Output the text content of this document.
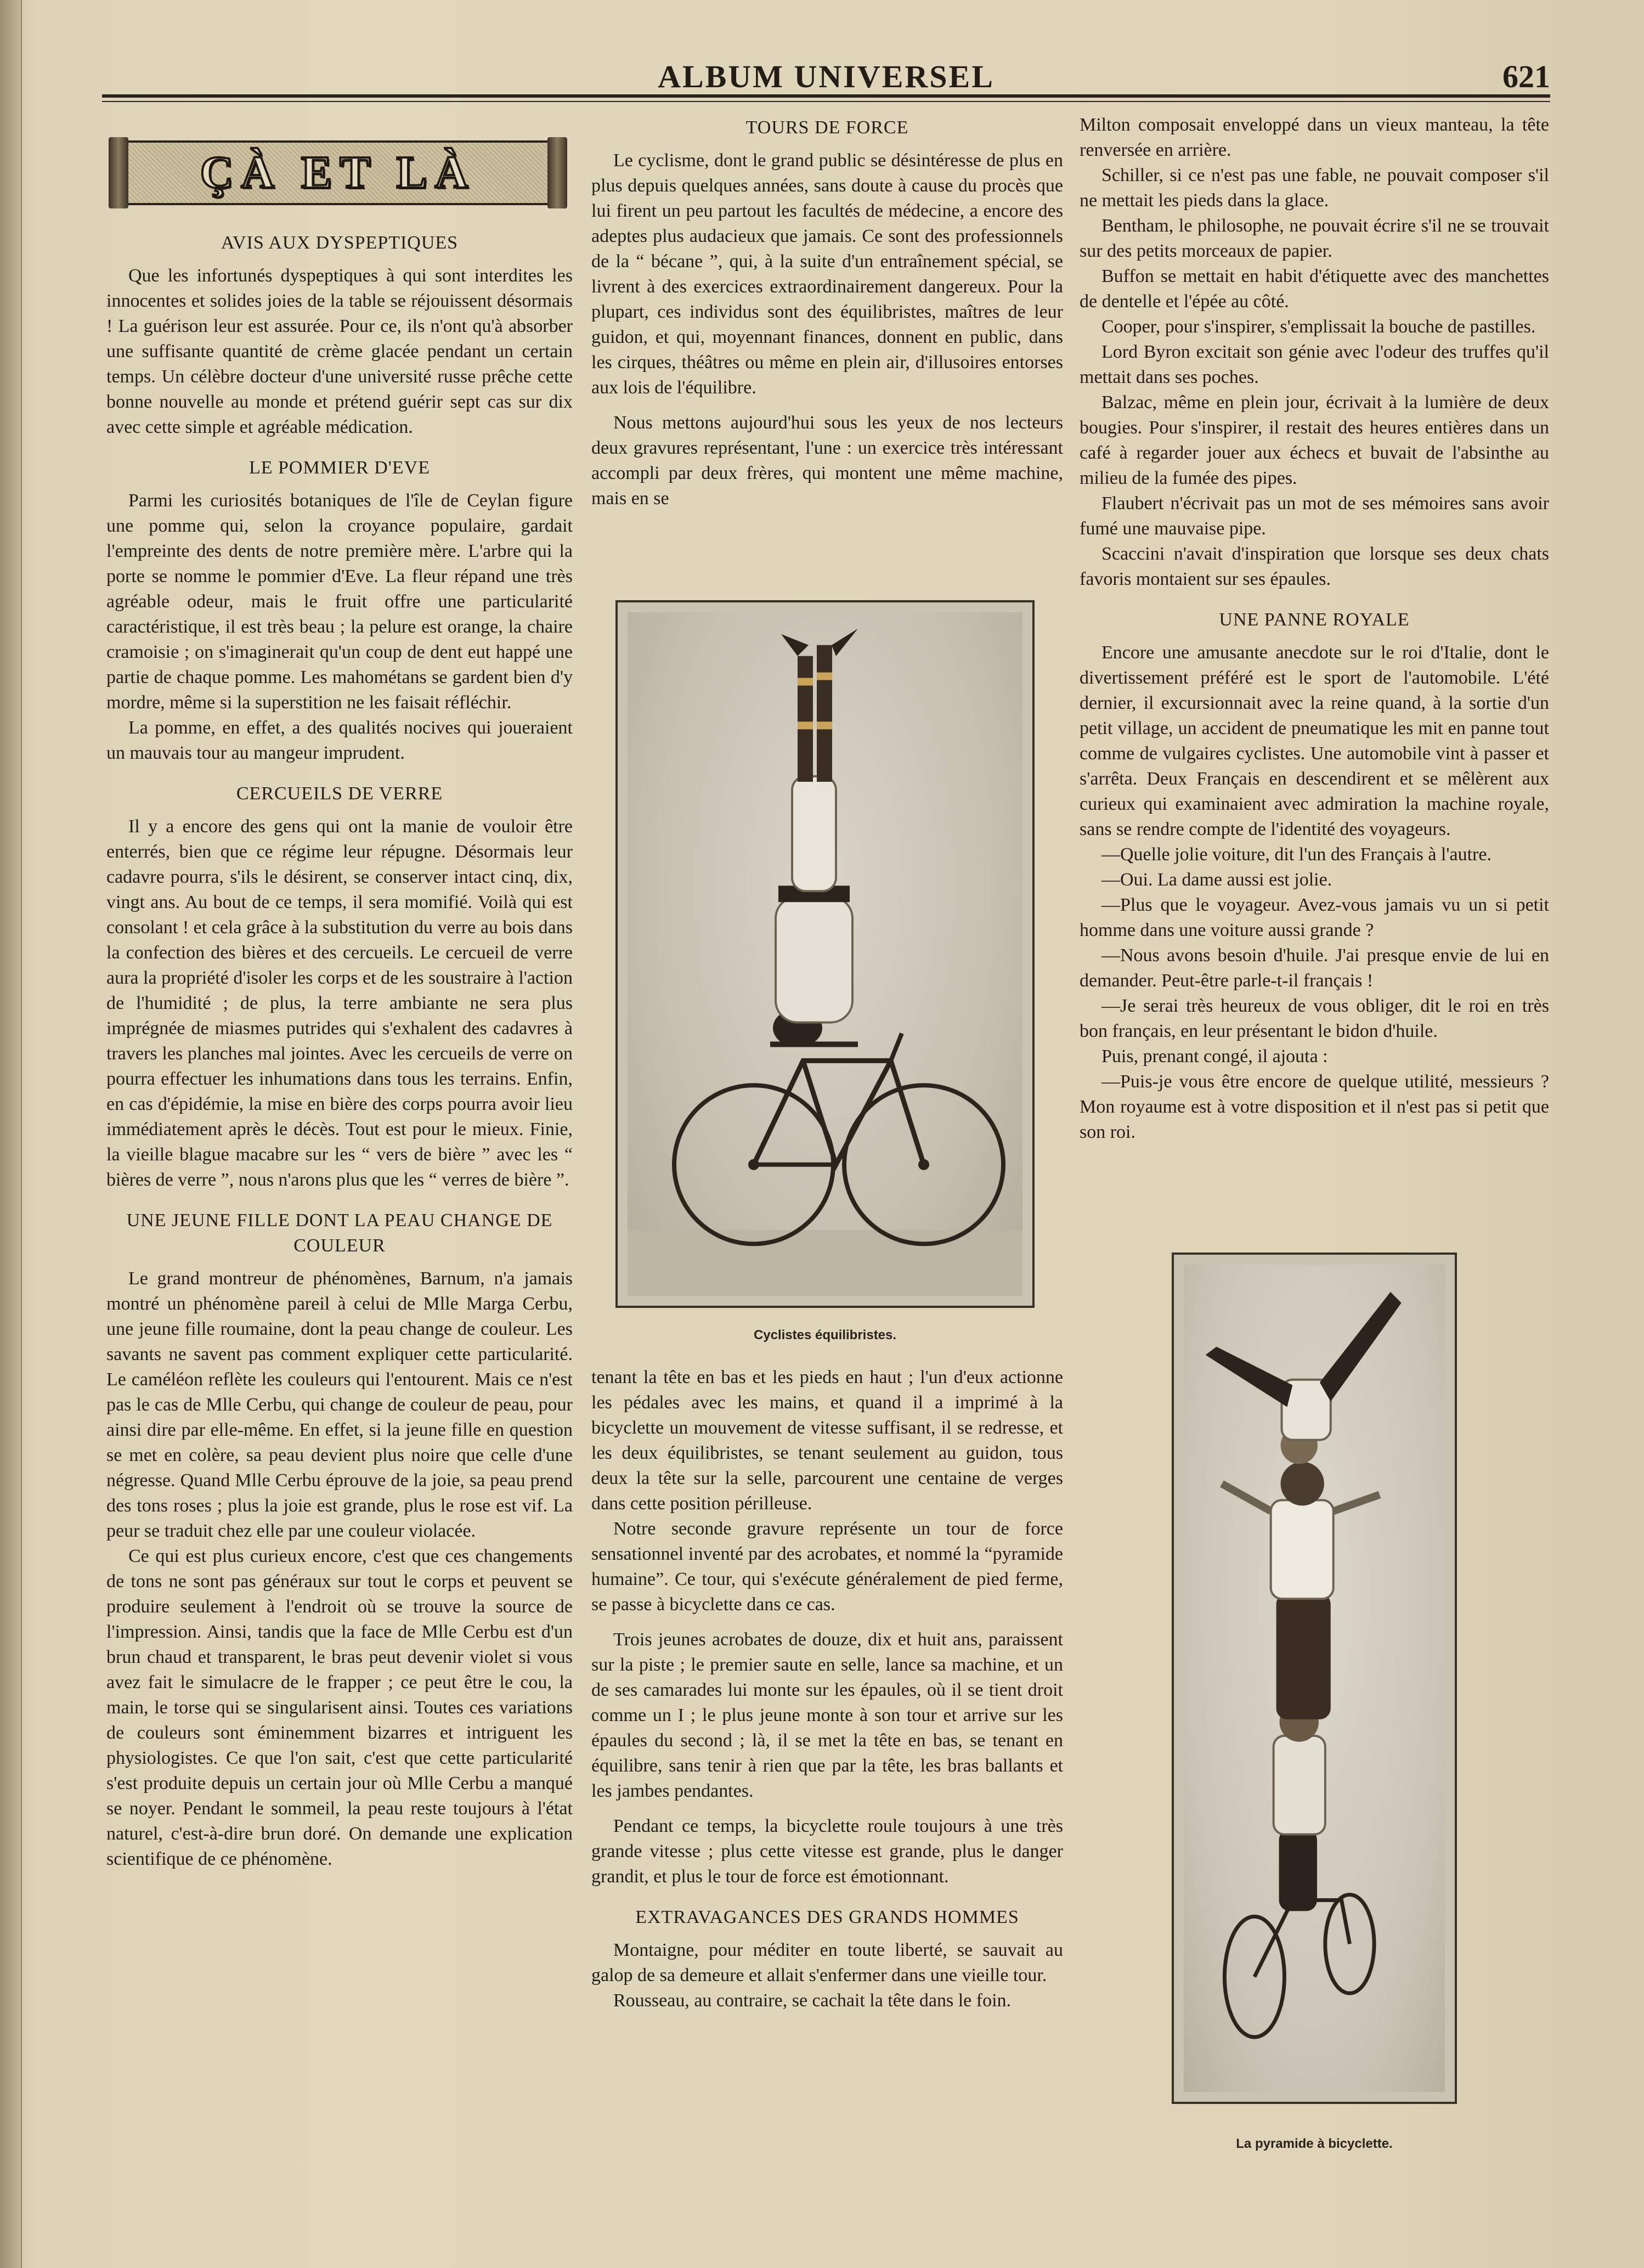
ALBUM UNIVERSEL	621
ÇÀ ET LÀ
AVIS AUX DYSPEPTIQUES

Que les infortunés dyspeptiques à qui sont interdites les innocentes et solides joies de la table se réjouissent désormais ! La guérison leur est assurée. Pour ce, ils n'ont qu'à absorber une suffisante quantité de crème glacée pendant un certain temps. Un célèbre docteur d'une université russe prêche cette bonne nouvelle au monde et prétend guérir sept cas sur dix avec cette simple et agréable médication.

LE POMMIER D'EVE

Parmi les curiosités botaniques de l'île de Ceylan figure une pomme qui, selon la croyance populaire, gardait l'empreinte des dents de notre première mère. L'arbre qui la porte se nomme le pommier d'Eve. La fleur répand une très agréable odeur, mais le fruit offre une particularité caractéristique, il est très beau ; la pelure est orange, la chaire cramoisie ; on s'imaginerait qu'un coup de dent eut happé une partie de chaque pomme. Les mahométans se gardent bien d'y mordre, même si la superstition ne les faisait réfléchir.

La pomme, en effet, a des qualités nocives qui joueraient un mauvais tour au mangeur imprudent.

CERCUEILS DE VERRE

Il y a encore des gens qui ont la manie de vouloir être enterrés, bien que ce régime leur répugne. Désormais leur cadavre pourra, s'ils le désirent, se conserver intact cinq, dix, vingt ans. Au bout de ce temps, il sera momifié. Voilà qui est consolant ! et cela grâce à la substitution du verre au bois dans la confection des bières et des cercueils. Le cercueil de verre aura la propriété d'isoler les corps et de les soustraire à l'action de l'humidité ; de plus, la terre ambiante ne sera plus imprégnée de miasmes putrides qui s'exhalent des cadavres à travers les planches mal jointes. Avec les cercueils de verre on pourra effectuer les inhumations dans tous les terrains. Enfin, en cas d'épidémie, la mise en bière des corps pourra avoir lieu immédiatement après le décès. Tout est pour le mieux. Finie, la vieille blague macabre sur les “ vers de bière ” avec les “ bières de verre ”, nous n'arons plus que les “ verres de bière ”.

UNE JEUNE FILLE DONT LA PEAU CHANGE DE COULEUR

Le grand montreur de phénomènes, Barnum, n'a jamais montré un phénomène pareil à celui de Mlle Marga Cerbu, une jeune fille roumaine, dont la peau change de couleur. Les savants ne savent pas comment expliquer cette particularité. Le caméléon reflète les couleurs qui l'entourent. Mais ce n'est pas le cas de Mlle Cerbu, qui change de couleur de peau, pour ainsi dire par elle-même. En effet, si la jeune fille en question se met en colère, sa peau devient plus noire que celle d'une négresse. Quand Mlle Cerbu éprouve de la joie, sa peau prend des tons roses ; plus la joie est grande, plus le rose est vif. La peur se traduit chez elle par une couleur violacée.

Ce qui est plus curieux encore, c'est que ces changements de tons ne sont pas généraux sur tout le corps et peuvent se produire seulement à l'endroit où se trouve la source de l'impression. Ainsi, tandis que la face de Mlle Cerbu est d'un brun chaud et transparent, le bras peut devenir violet si vous avez fait le simulacre de le frapper ; ce peut être le cou, la main, le torse qui se singularisent ainsi. Toutes ces variations de couleurs sont éminemment bizarres et intriguent les physiologistes. Ce que l'on sait, c'est que cette particularité s'est produite depuis un certain jour où Mlle Cerbu a manqué se noyer. Pendant le sommeil, la peau reste toujours à l'état naturel, c'est-à-dire brun doré. On demande une explication scientifique de ce phénomène.

TOURS DE FORCE

Le cyclisme, dont le grand public se désintéresse de plus en plus depuis quelques années, sans doute à cause du procès que lui firent un peu partout les facultés de médecine, a encore des adeptes plus audacieux que jamais. Ce sont des professionnels de la “ bécane ”, qui, à la suite d'un entraînement spécial, se livrent à des exercices extraordinairement dangereux. Pour la plupart, ces individus sont des équilibristes, maîtres de leur guidon, et qui, moyennant finances, donnent en public, dans les cirques, théâtres ou même en plein air, d'illusoires entorses aux lois de l'équilibre.

Nous mettons aujourd'hui sous les yeux de nos lecteurs deux gravures représentant, l'une : un exercice très intéressant accompli par deux frères, qui montent une même machine, mais en se

Cyclistes équilibristes.

tenant la tête en bas et les pieds en haut ; l'un d'eux actionne les pédales avec les mains, et quand il a imprimé à la bicyclette un mouvement de vitesse suffisant, il se redresse, et les deux équilibristes, se tenant seulement au guidon, tous deux la tête sur la selle, parcourent une centaine de verges dans cette position périlleuse.

Notre seconde gravure représente un tour de force sensationnel inventé par des acrobates, et nommé la “pyramide humaine”. Ce tour, qui s'exécute généralement de pied ferme, se passe à bicyclette dans ce cas.

Trois jeunes acrobates de douze, dix et huit ans, paraissent sur la piste ; le premier saute en selle, lance sa machine, et un de ses camarades lui monte sur les épaules, où il se tient droit comme un I ; le plus jeune monte à son tour et arrive sur les épaules du second ; là, il se met la tête en bas, se tenant en équilibre, sans tenir à rien que par la tête, les bras ballants et les jambes pendantes.

Pendant ce temps, la bicyclette roule toujours à une très grande vitesse ; plus cette vitesse est grande, plus le danger grandit, et plus le tour de force est émotionnant.

EXTRAVAGANCES DES GRANDS HOMMES

Montaigne, pour méditer en toute liberté, se sauvait au galop de sa demeure et allait s'enfermer dans une vieille tour.

Rousseau, au contraire, se cachait la tête dans le foin.

Milton composait enveloppé dans un vieux manteau, la tête renversée en arrière.

Schiller, si ce n'est pas une fable, ne pouvait composer s'il ne mettait les pieds dans la glace.

Bentham, le philosophe, ne pouvait écrire s'il ne se trouvait sur des petits morceaux de papier.

Buffon se mettait en habit d'étiquette avec des manchettes de dentelle et l'épée au côté.

Cooper, pour s'inspirer, s'emplissait la bouche de pastilles.

Lord Byron excitait son génie avec l'odeur des truffes qu'il mettait dans ses poches.

Balzac, même en plein jour, écrivait à la lumière de deux bougies. Pour s'inspirer, il restait des heures entières dans un café à regarder jouer aux échecs et buvait de l'absinthe au milieu de la fumée des pipes.

Flaubert n'écrivait pas un mot de ses mémoires sans avoir fumé une mauvaise pipe.

Scaccini n'avait d'inspiration que lorsque ses deux chats favoris montaient sur ses épaules.

UNE PANNE ROYALE

Encore une amusante anecdote sur le roi d'Italie, dont le divertissement préféré est le sport de l'automobile. L'été dernier, il excursionnait avec la reine quand, à la sortie d'un petit village, un accident de pneumatique les mit en panne tout comme de vulgaires cyclistes. Une automobile vint à passer et s'arrêta. Deux Français en descendirent et se mêlèrent aux curieux qui examinaient avec admiration la machine royale, sans se rendre compte de l'identité des voyageurs.

—Quelle jolie voiture, dit l'un des Français à l'autre.

—Oui. La dame aussi est jolie.

—Plus que le voyageur. Avez-vous jamais vu un si petit homme dans une voiture aussi grande ?

—Nous avons besoin d'huile. J'ai presque envie de lui en demander. Peut-être parle-t-il français !

—Je serai très heureux de vous obliger, dit le roi en très bon français, en leur présentant le bidon d'huile.

Puis, prenant congé, il ajouta :

—Puis-je vous être encore de quelque utilité, messieurs ? Mon royaume est à votre disposition et il n'est pas si petit que son roi.

La pyramide à bicyclette.
